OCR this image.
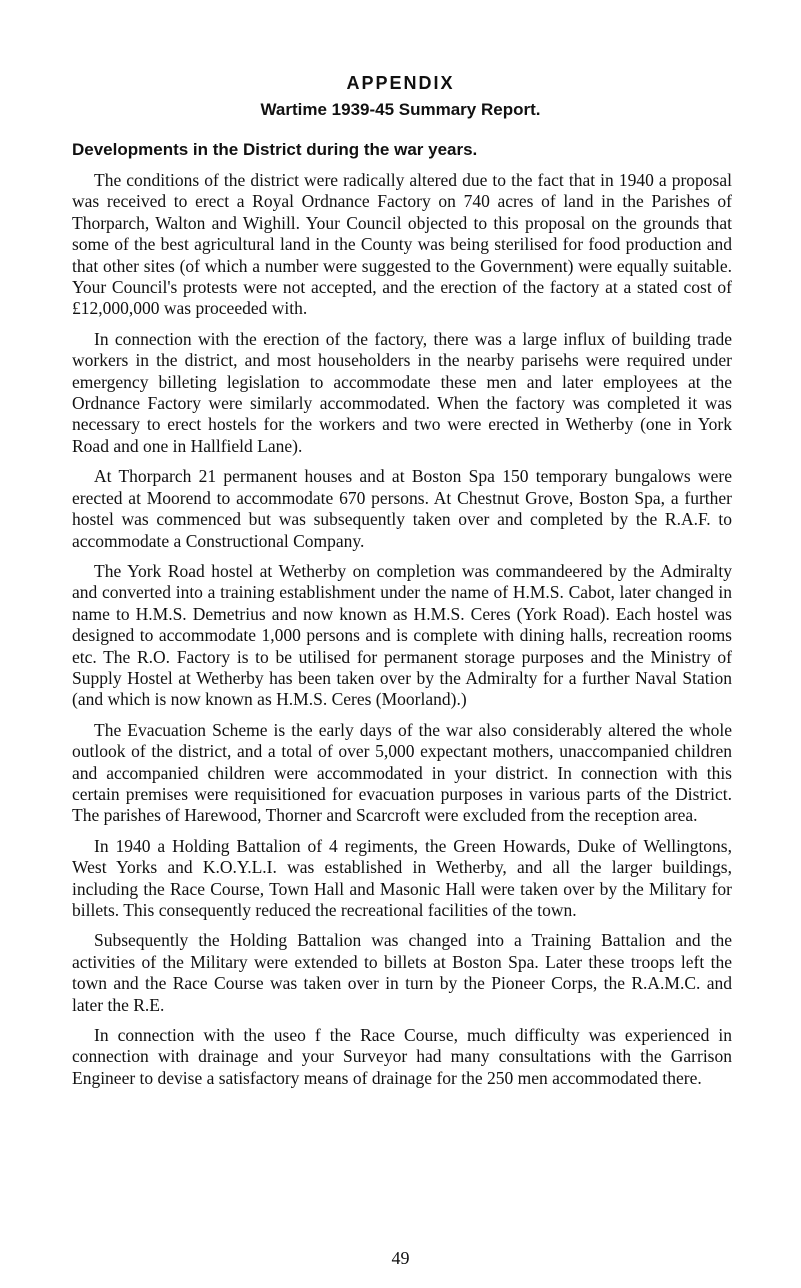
APPENDIX
Wartime 1939-45 Summary Report.
Developments in the District during the war years.

The conditions of the district were radically altered due to the fact that in 1940 a proposal was received to erect a Royal Ordnance Factory on 740 acres of land in the Parishes of Thorparch, Walton and Wighill. Your Council objected to this proposal on the grounds that some of the best agricultural land in the County was being sterilised for food production and that other sites (of which a number were suggested to the Government) were equally suitable. Your Council's protests were not accepted, and the erection of the factory at a stated cost of £12,000,000 was proceeded with.

In connection with the erection of the factory, there was a large influx of building trade workers in the district, and most householders in the nearby parisehs were required under emergency billeting legislation to accommodate these men and later employees at the Ordnance Factory were similarly accommodated. When the factory was completed it was necessary to erect hostels for the workers and two were erected in Wetherby (one in York Road and one in Hallfield Lane).

At Thorparch 21 permanent houses and at Boston Spa 150 temporary bungalows were erected at Moorend to accommodate 670 persons. At Chestnut Grove, Boston Spa, a further hostel was commenced but was subsequently taken over and completed by the R.A.F. to accommodate a Constructional Company.

The York Road hostel at Wetherby on completion was commandeered by the Admiralty and converted into a training establishment under the name of H.M.S. Cabot, later changed in name to H.M.S. Demetrius and now known as H.M.S. Ceres (York Road). Each hostel was designed to accommodate 1,000 persons and is complete with dining halls, recreation rooms etc. The R.O. Factory is to be utilised for permanent storage purposes and the Ministry of Supply Hostel at Wetherby has been taken over by the Admiralty for a further Naval Station (and which is now known as H.M.S. Ceres (Moorland).)

The Evacuation Scheme is the early days of the war also considerably altered the whole outlook of the district, and a total of over 5,000 expectant mothers, unaccompanied children and accompanied children were accommodated in your district. In connection with this certain premises were requisitioned for evacuation purposes in various parts of the District. The parishes of Harewood, Thorner and Scarcroft were excluded from the reception area.

In 1940 a Holding Battalion of 4 regiments, the Green Howards, Duke of Wellingtons, West Yorks and K.O.Y.L.I. was established in Wetherby, and all the larger buildings, including the Race Course, Town Hall and Masonic Hall were taken over by the Military for billets. This consequently reduced the recreational facilities of the town.

Subsequently the Holding Battalion was changed into a Training Battalion and the activities of the Military were extended to billets at Boston Spa. Later these troops left the town and the Race Course was taken over in turn by the Pioneer Corps, the R.A.M.C. and later the R.E.

In connection with the useo f the Race Course, much difficulty was experienced in connection with drainage and your Surveyor had many consultations with the Garrison Engineer to devise a satisfactory means of drainage for the 250 men accommodated there.

49
